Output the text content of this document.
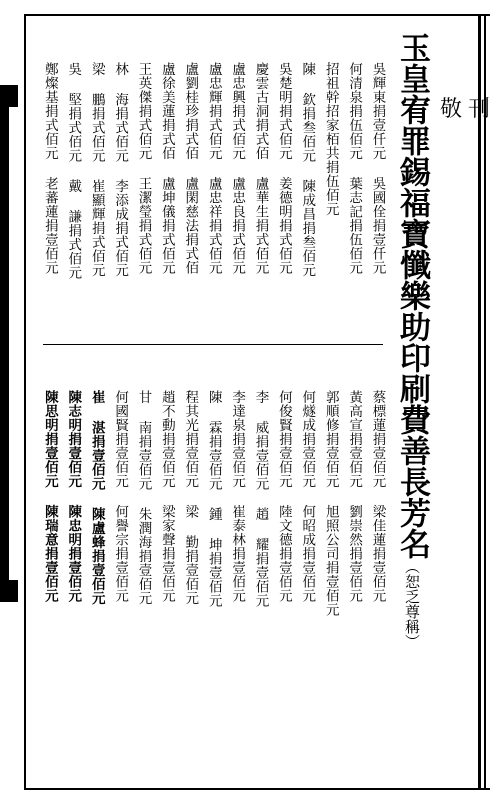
敬刊
玉皇宥罪錫福寶懺樂助印刷費善長芳名（恕乏尊稱）
吳輝東捐壹仟元 吳國佺捐壹仟元
何清泉捐伍佰元 葉志記捐伍佰元
招祖幹招家栢共捐伍佰元
陳 欽捐叁佰元 陳成昌捐叁佰元
吳楚明捐式佰元 姜德明捐式佰元
慶雲古洞捐式佰 盧華生捐式佰元
盧忠興捐式佰元 盧忠良捐式佰元
盧忠輝捐式佰元 盧忠祥捐式佰元
盧劉桂珍捐式佰 盧閑慈法捐式佰
盧徐美蓮捐式佰 盧坤儀捐式佰元
王英傑捐式佰元 王潔瑩捐式佰元
林 海捐式佰元 李添成捐式佰元
梁 鵬捐式佰元 崔顯輝捐式佰元
吳 堅捐式佰元 戴 謙捐式佰元
鄭燦基捐式佰元 老蕃蓮捐壹佰元
蔡標蓮捐壹佰元 梁佳蓮捐壹佰元
黃高宣捐壹佰元 劉崇然捐壹佰元
郭順修捐壹佰元 旭照公司捐壹佰元
何燧成捐壹佰元 何昭成捐壹佰元
何俊賢捐壹佰元 陸文德捐壹佰元
李 威捐壹佰元 趙 耀捐壹佰元
李達泉捐壹佰元 崔泰林捐壹佰元
陳 霖捐壹佰元 鍾 坤捐壹佰元
程其光捐壹佰元 梁 勤捐壹佰元
趙不動捐壹佰元 梁家聲捐壹佰元
甘 南捐壹佰元 朱潤海捐壹佰元
何國賢捐壹佰元 何譽宗捐壹佰元
崔 湛捐壹佰元 陳盧蜂捐壹佰元
陳志明捐壹佰元 陳忠明捐壹佰元
陳思明捐壹佰元 陳瑞意捐壹佰元
